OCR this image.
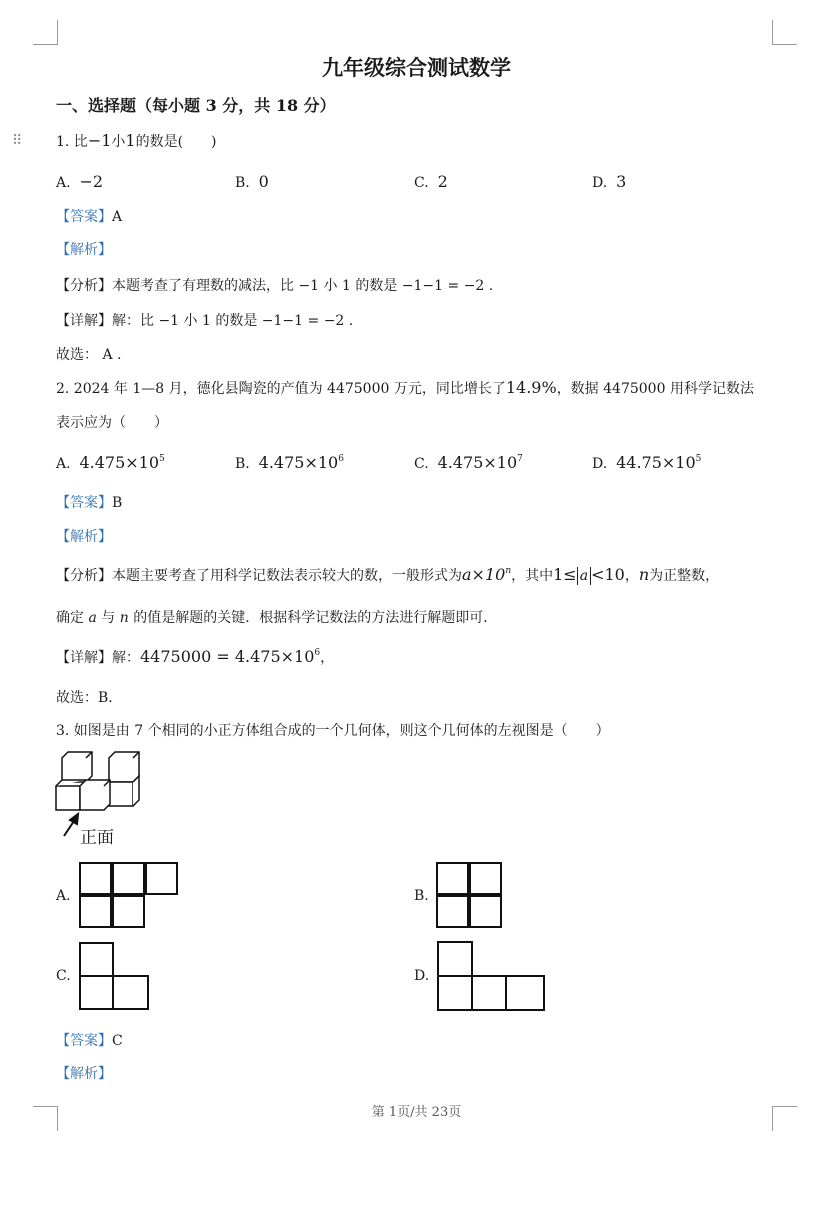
九年级综合测试数学
一、选择题（每小题 3 分，共 18 分）
⠿ 1. 比−1小1的数是(　　)
A. −2	B. 0	C. 2	D. 3
【答案】A
【解析】
【分析】本题考查了有理数的减法，比 −1 小 1 的数是 −1−1 = −2 .
【详解】解：比 −1 小 1 的数是 −1−1 = −2 .
故选： A .
2. 2024 年 1—8 月，德化县陶瓷的产值为 4475000 万元，同比增长了14.9%，数据 4475000 用科学记数法
表示应为（　　）
A. $4.475\times 10^5$	B. $4.475\times 10^6$	C. $4.475\times 10^7$	D. $44.75\times 10^5$
【答案】B
【解析】
【分析】本题主要考查了用科学记数法表示较大的数，一般形式为$a\times 10^n$，其中1≤ a <10，n为正整数，
确定 a 与 n 的值是解题的关键．根据科学记数法的方法进行解题即可．
【详解】解：$4475000 = 4.475\times 10^6$，
故选：B．
3. 如图是由 7 个相同的小正方体组合成的一个几何体，则这个几何体的左视图是（　　）
正面
A.	B.
C.	D.
【答案】C
【解析】
第 1页/共 23页
